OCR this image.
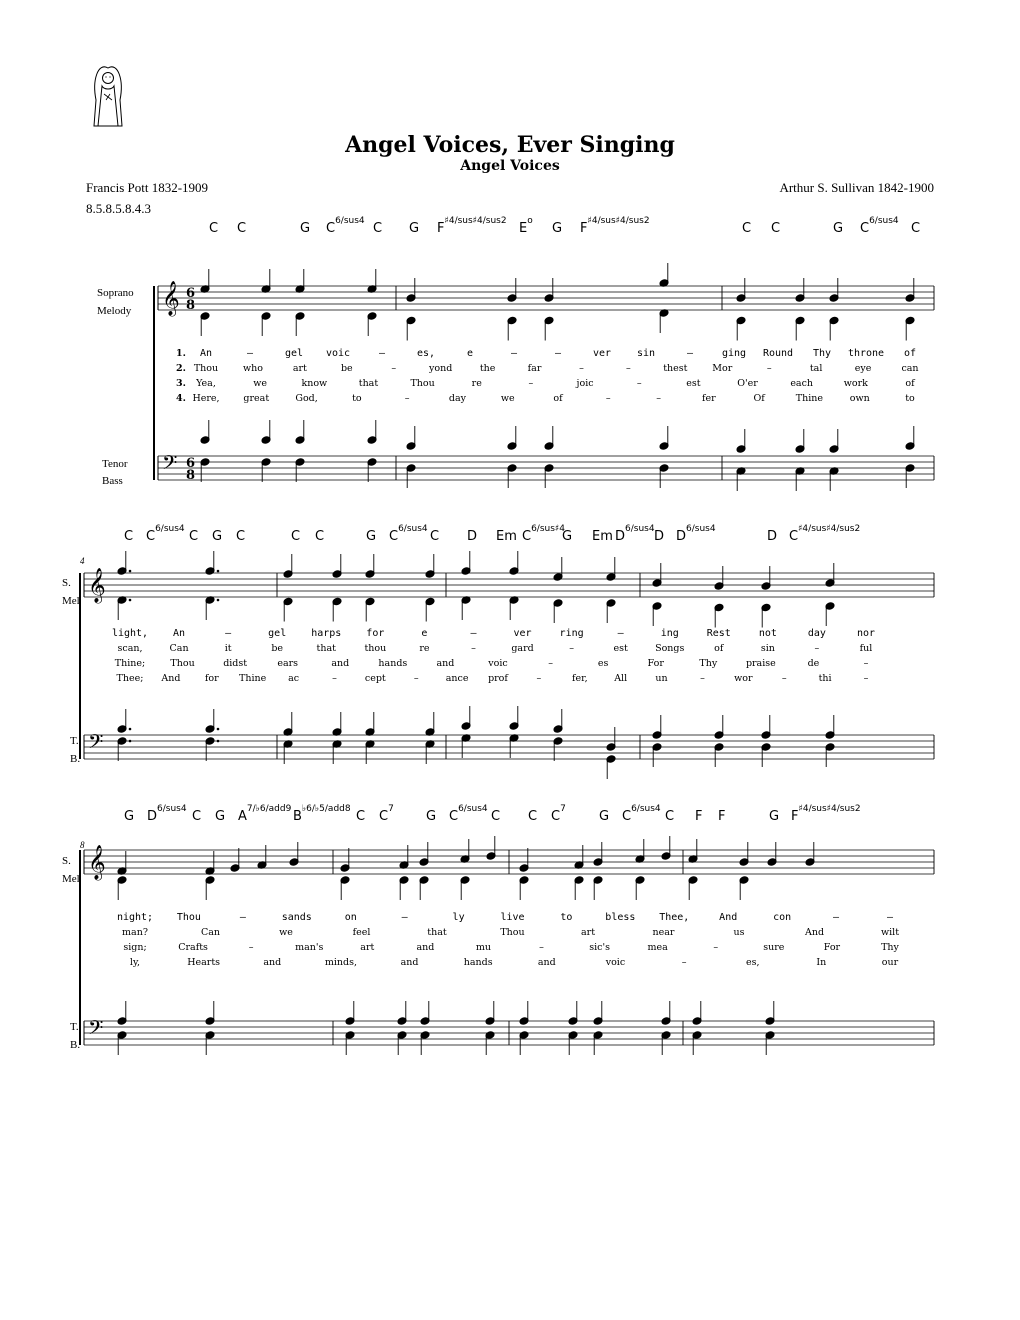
Angel Voices, Ever Singing
Angel Voices
Francis Pott 1832-1909
8.5.8.5.8.4.3
Arthur S. Sullivan 1842-1900
𝄞
𝄢
6
8
6
8
𝄞
𝄢
𝄞
𝄢
C C	G $C^{6/sus4}$ C G $F^{♯4/sus♯4/sus2}$ $E^o$ G $F^{♯4/sus♯4/sus2}$	C C	G $C^{6/sus4}$ C
C $C^{6/sus4}$ C G C	C C	G $C^{6/sus4}$ C D Em $C^{6/sus♯4}$
G Em $D^{6/sus4}$ D $D^{6/sus4}$	D $C^{♯4/sus♯4/sus2}$
G $D^{6/sus4}$ C G $A^{7/♭6/add9}$ $B^{♭6/♭5/add8}$ C $C^7$ G $C^{6/sus4}$ C C $C^7$	G $C^{6/sus4}$ C F F	G $F^{♯4/sus♯4/sus2}$
1.
2.
3.
4.
An	–	gel voic	–	es,	e	–	–	ver	sin	–	ging Round Thy throne of
Thou	who	art	be	–	yond	the	far	–	–	thest	Mor	–	tal	eye	can
Yea,	we	know	that	Thou	re	–	joic	–	est	O'er	each	work	of
Here,	great	God,	to	–	day	we	of	–	–	fer	Of	Thine	own	to
light, An	–	gel harps for	e	–	ver	ring	–	ing	Rest	not	day	nor
scan,	Can	it	be	that	thou	re	–	gard	–	est	Songs	of	sin	–	ful
Thine;	Thou	didst	ears	and	hands	and	voic	–	es	For	Thy	praise	de	–
Thee; And	for Thine ac	–	cept	–	ance prof	–	fer,	All	un	–	wor	–	thi	–
night; Thou	–	sands	on	–	ly	live	to	bless Thee,	And	con	–	–
man?	Can	we	feel	that	Thou	art	near	us	And	wilt
sign;	Crafts	–	man's	art	and	mu	–	sic's	mea	–	sure	For	Thy
ly,	Hearts	and	minds,	and	hands	and	voic	–	es,	In	our
Soprano
Melody
Tenor
Bass
S.
Mel
T.
B.
S.
Mel
T.
B.
4
8
